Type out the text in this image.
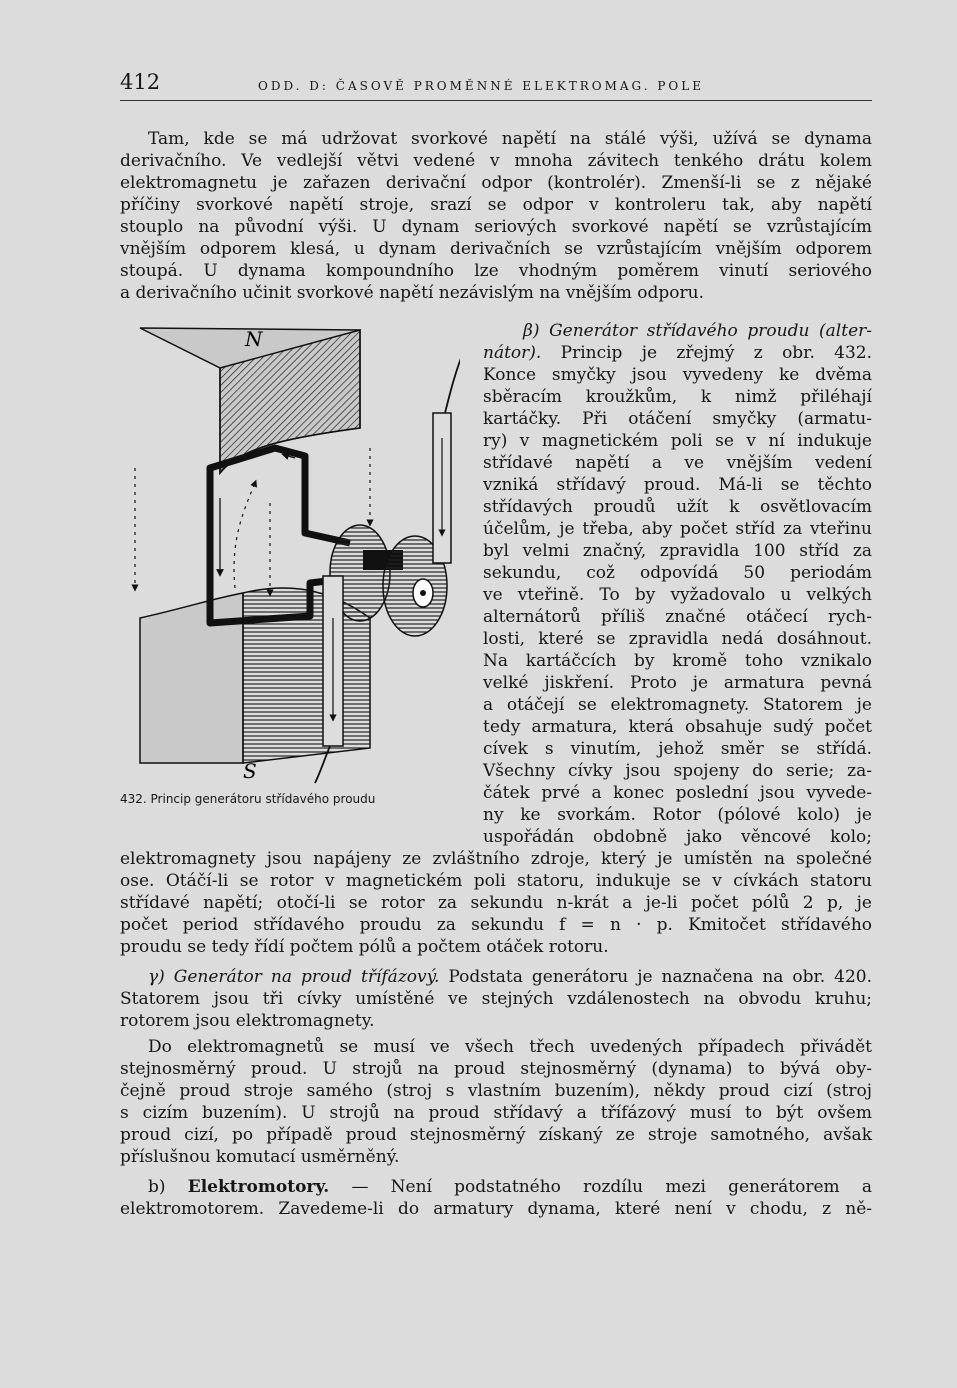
412	ODD. D: ČASOVĚ PROMĚNNÉ ELEKTROMAG. POLE
Tam, kde se má udržovat svorkové napětí na stálé výši, užívá se dynama
derivačního. Ve vedlejší větvi vedené v mnoha závitech tenkého drátu kolem
elektromagnetu je zařazen derivační odpor (kontrolér). Zmenší-li se z nějaké
příčiny svorkové napětí stroje, srazí se odpor v kontroleru tak, aby napětí
stouplo na původní výši. U dynam seriových svorkové napětí se vzrůstajícím
vnějším odporem klesá, u dynam derivačních se vzrůstajícím vnějším odporem
stoupá. U dynama kompoundního lze vhodným poměrem vinutí seriového
a derivačního učinit svorkové napětí nezávislým na vnějším odporu.
N
S
432. Princip generátoru střídavého proudu
β) Generátor střídavého proudu (alter-
nátor). Princip je zřejmý z obr. 432.
Konce smyčky jsou vyvedeny ke dvěma
sběracím kroužkům, k nimž přiléhají
kartáčky. Při otáčení smyčky (armatu-
ry) v magnetickém poli se v ní indukuje
střídavé napětí a ve vnějším vedení
vzniká střídavý proud. Má-li se těchto
střídavých proudů užít k osvětlovacím
účelům, je třeba, aby počet stříd za vteřinu
byl velmi značný, zpravidla 100 stříd za
sekundu, což odpovídá 50 periodám
ve vteřině. To by vyžadovalo u velkých
alternátorů příliš značné otáčecí rych-
losti, které se zpravidla nedá dosáhnout.
Na kartáčcích by kromě toho vznikalo
velké jiskření. Proto je armatura pevná
a otáčejí se elektromagnety. Statorem je
tedy armatura, která obsahuje sudý počet
cívek s vinutím, jehož směr se střídá.
Všechny cívky jsou spojeny do serie; za-
čátek prvé a konec poslední jsou vyvede-
ny ke svorkám. Rotor (pólové kolo) je
uspořádán obdobně jako věncové kolo;
elektromagnety jsou napájeny ze zvláštního zdroje, který je umístěn na společné
ose. Otáčí-li se rotor v magnetickém poli statoru, indukuje se v cívkách statoru
střídavé napětí; otočí-li se rotor za sekundu n-krát a je-li počet pólů 2 p, je
počet period střídavého proudu za sekundu f = n · p. Kmitočet střídavého
proudu se tedy řídí počtem pólů a počtem otáček rotoru.
γ) Generátor na proud třífázový. Podstata generátoru je naznačena na obr. 420.
Statorem jsou tři cívky umístěné ve stejných vzdálenostech na obvodu kruhu;
rotorem jsou elektromagnety.
Do elektromagnetů se musí ve všech třech uvedených případech přivádět
stejnosměrný proud. U strojů na proud stejnosměrný (dynama) to bývá oby-
čejně proud stroje samého (stroj s vlastním buzením), někdy proud cizí (stroj
s cizím buzením). U strojů na proud střídavý a třífázový musí to být ovšem
proud cizí, po případě proud stejnosměrný získaný ze stroje samotného, avšak
příslušnou komutací usměrněný.
b) Elektromotory. — Není podstatného rozdílu mezi generátorem a
elektromotorem. Zavedeme-li do armatury dynama, které není v chodu, z ně-
